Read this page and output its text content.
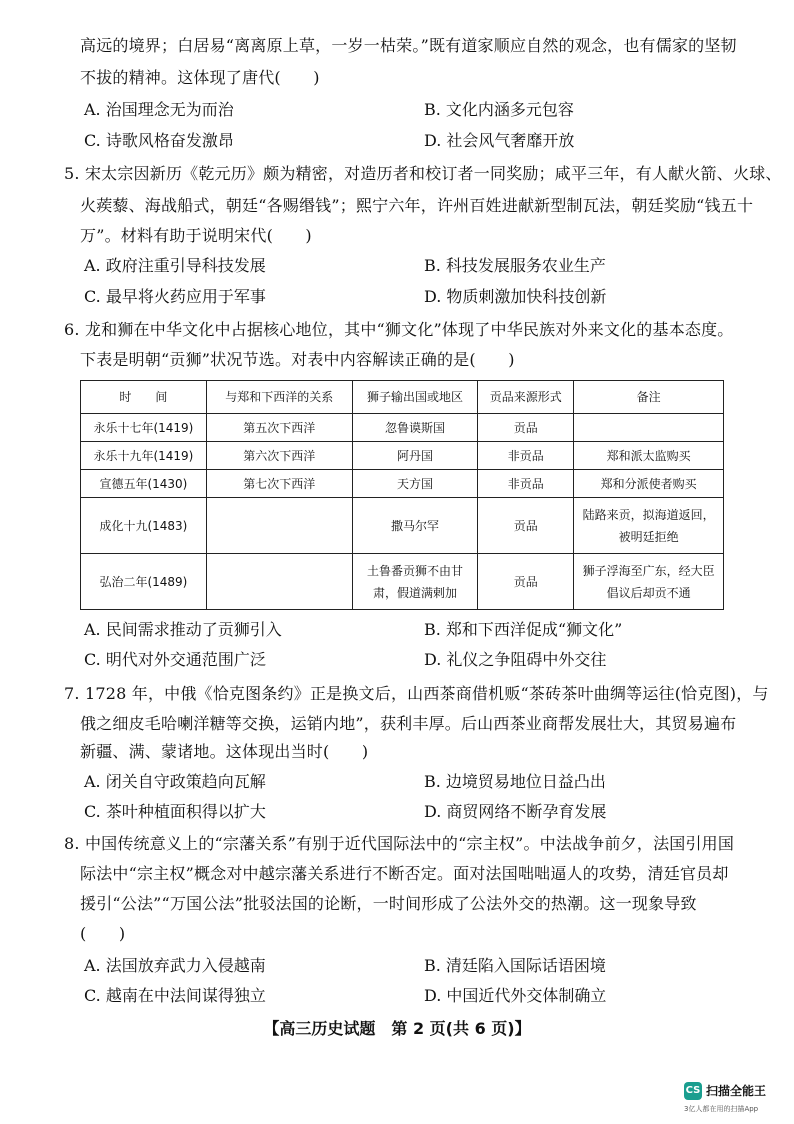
高远的境界；白居易“离离原上草，一岁一枯荣。”既有道家顺应自然的观念，也有儒家的坚韧
不拔的精神。这体现了唐代(　　)
A. 治国理念无为而治	B. 文化内涵多元包容
C. 诗歌风格奋发激昂	D. 社会风气奢靡开放
5. 宋太宗因新历《乾元历》颇为精密，对造历者和校订者一同奖励；咸平三年，有人献火箭、火球、
火蒺藜、海战船式，朝廷“各赐缗钱”；熙宁六年，许州百姓进献新型制瓦法，朝廷奖励“钱五十
万”。材料有助于说明宋代(　　)
A. 政府注重引导科技发展	B. 科技发展服务农业生产
C. 最早将火药应用于军事	D. 物质刺激加快科技创新
6. 龙和狮在中华文化中占据核心地位，其中“狮文化”体现了中华民族对外来文化的基本态度。
下表是明朝“贡狮”状况节选。对表中内容解读正确的是(　　)
时　　间	与郑和下西洋的关系	狮子输出国或地区	贡品来源形式	备注
永乐十七年(1419)	第五次下西洋	忽鲁谟斯国	贡品	
永乐十九年(1419)	第六次下西洋	阿丹国	非贡品	郑和派太监购买
宣德五年(1430)	第七次下西洋	天方国	非贡品	郑和分派使者购买
成化十九(1483)		撒马尔罕	贡品	陆路来贡，拟海道返回，被明廷拒绝
弘治二年(1489)		土鲁番贡狮不由甘肃，假道满剌加	贡品	狮子浮海至广东，经大臣倡议后却贡不通
A. 民间需求推动了贡狮引入	B. 郑和下西洋促成“狮文化”
C. 明代对外交通范围广泛	D. 礼仪之争阻碍中外交往
7. 1728 年，中俄《恰克图条约》正是换文后，山西茶商借机贩“茶砖茶叶曲绸等运往(恰克图)，与
俄之细皮毛哈喇洋糖等交换，运销内地”，获利丰厚。后山西茶业商帮发展壮大，其贸易遍布
新疆、满、蒙诸地。这体现出当时(　　)
A. 闭关自守政策趋向瓦解	B. 边境贸易地位日益凸出
C. 茶叶种植面积得以扩大	D. 商贸网络不断孕育发展
8. 中国传统意义上的“宗藩关系”有别于近代国际法中的“宗主权”。中法战争前夕，法国引用国
际法中“宗主权”概念对中越宗藩关系进行不断否定。面对法国咄咄逼人的攻势，清廷官员却
援引“公法”“万国公法”批驳法国的论断，一时间形成了公法外交的热潮。这一现象导致
(　　)
A. 法国放弃武力入侵越南	B. 清廷陷入国际话语困境
C. 越南在中法间谋得独立	D. 中国近代外交体制确立
【高三历史试题　第 2 页(共 6 页)】
CS 扫描全能王
3亿人都在用的扫描App
